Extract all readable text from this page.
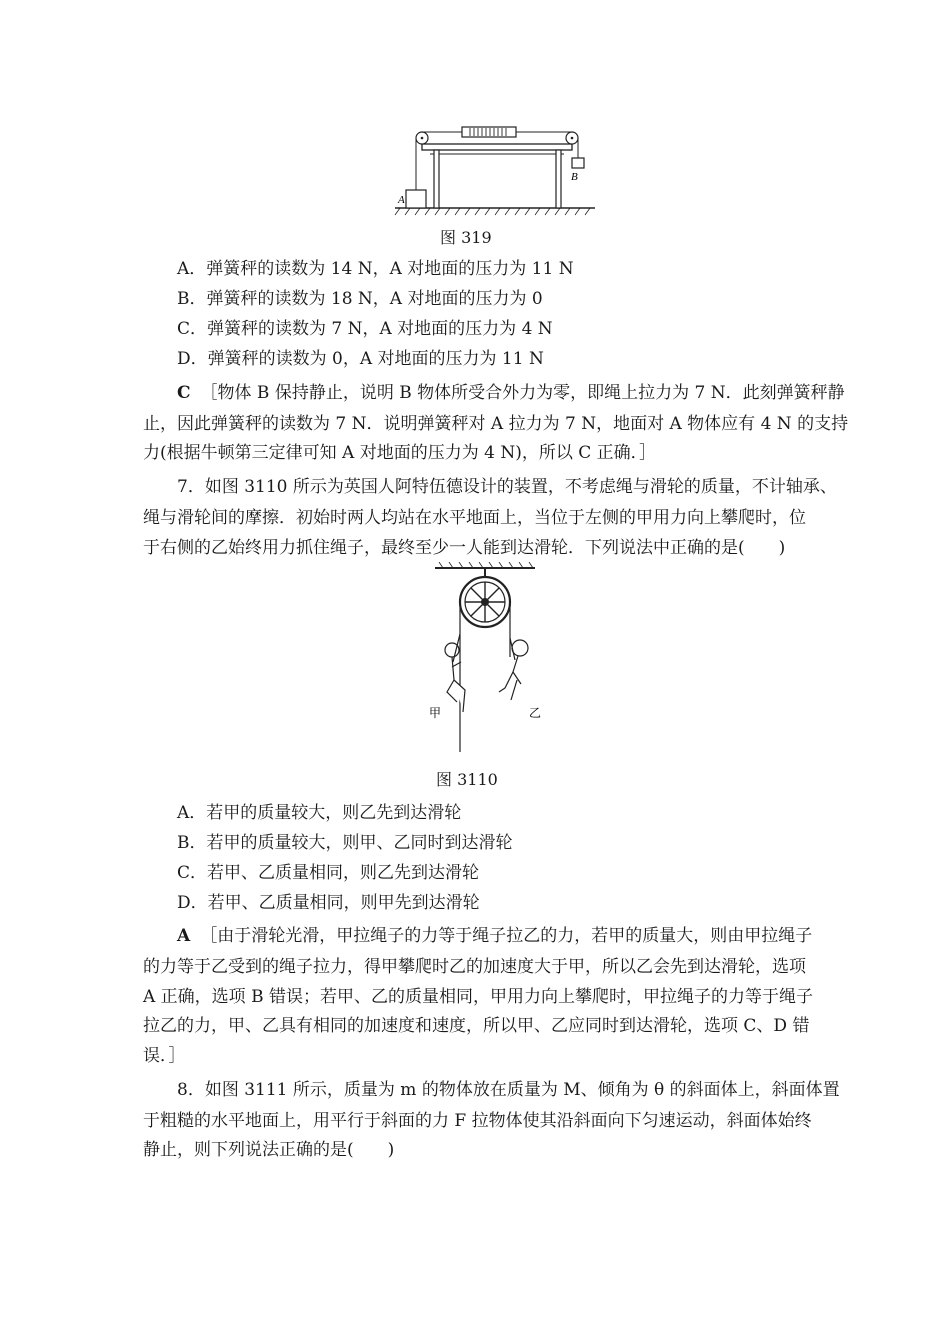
A
B
图 319
A．弹簧秤的读数为 14 N，A 对地面的压力为 11 N
B．弹簧秤的读数为 18 N，A 对地面的压力为 0
C．弹簧秤的读数为 7 N，A 对地面的压力为 4 N
D．弹簧秤的读数为 0，A 对地面的压力为 11 N
C ［物体 B 保持静止，说明 B 物体所受合外力为零，即绳上拉力为 7 N．此刻弹簧秤静
止，因此弹簧秤的读数为 7 N．说明弹簧秤对 A 拉力为 7 N，地面对 A 物体应有 4 N 的支持
力(根据牛顿第三定律可知 A 对地面的压力为 4 N)，所以 C 正确．］
7．如图 3110 所示为英国人阿特伍德设计的装置，不考虑绳与滑轮的质量，不计轴承、
绳与滑轮间的摩擦．初始时两人均站在水平地面上，当位于左侧的甲用力向上攀爬时，位
于右侧的乙始终用力抓住绳子，最终至少一人能到达滑轮．下列说法中正确的是(　　)
甲	乙
图 3110
A．若甲的质量较大，则乙先到达滑轮
B．若甲的质量较大，则甲、乙同时到达滑轮
C．若甲、乙质量相同，则乙先到达滑轮
D．若甲、乙质量相同，则甲先到达滑轮
A ［由于滑轮光滑，甲拉绳子的力等于绳子拉乙的力，若甲的质量大，则由甲拉绳子
的力等于乙受到的绳子拉力，得甲攀爬时乙的加速度大于甲，所以乙会先到达滑轮，选项
A 正确，选项 B 错误；若甲、乙的质量相同，甲用力向上攀爬时，甲拉绳子的力等于绳子
拉乙的力，甲、乙具有相同的加速度和速度，所以甲、乙应同时到达滑轮，选项 C、D 错
误．］
8．如图 3111 所示，质量为 m 的物体放在质量为 M、倾角为 θ 的斜面体上，斜面体置
于粗糙的水平地面上，用平行于斜面的力 F 拉物体使其沿斜面向下匀速运动，斜面体始终
静止，则下列说法正确的是(　　)
